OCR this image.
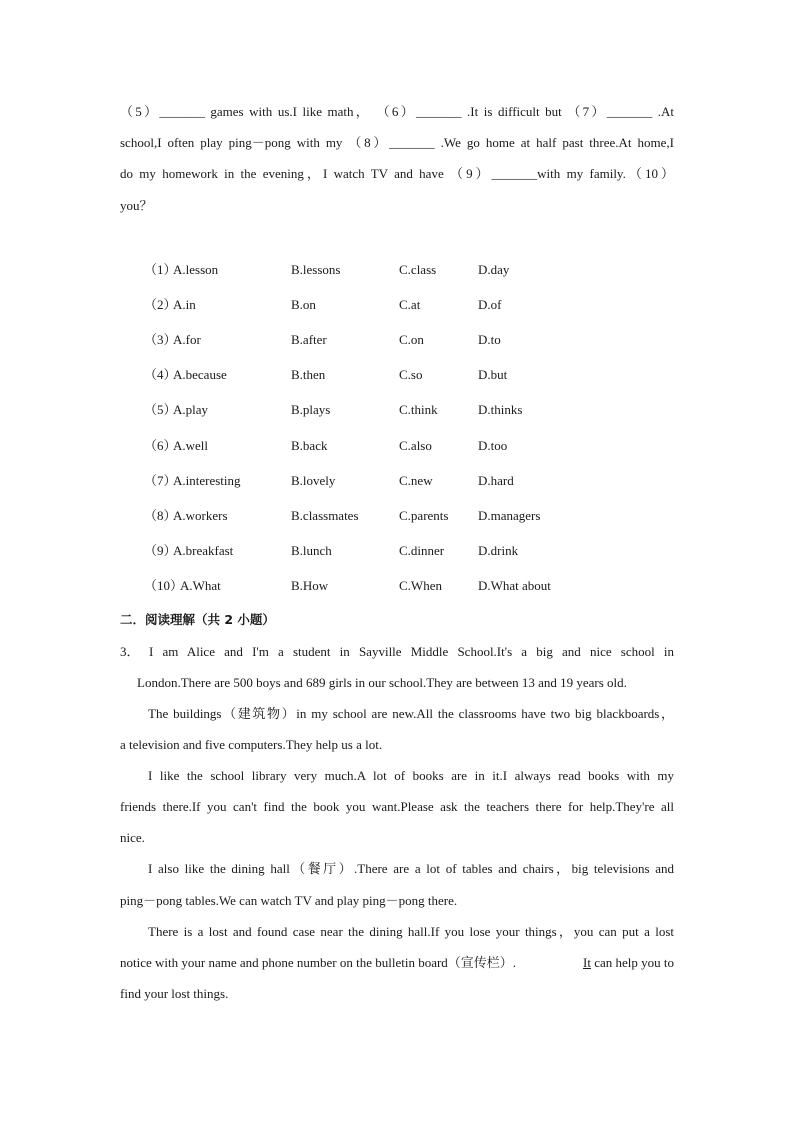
（5）_______ games with us.I like math， （6）_______ .It is difficult but （7）_______ .At
school,I often play ping－pong with my （8）_______ .We go home at half past three.At home,I
do my homework in the evening，I watch TV and have （9）_______with my family.（10）
you？
（1）
A.lesson	B.lessons	C.class	D.day
（2）
A.in	B.on	C.at	D.of
（3）
A.for	B.after	C.on	D.to
（4）
A.because	B.then	C.so	D.but
（5）
A.play	B.plays	C.think	D.thinks
（6）
A.well	B.back	C.also	D.too
（7）
A.interesting	B.lovely	C.new	D.hard
（8）
A.workers	B.classmates	C.parents D.managers
（9）
A.breakfast	B.lunch	C.dinner	D.drink
（10）
A.What	B.How	C.When	D.What about
二．阅读理解（共 2 小题）
3． I am Alice and I'm a student in Sayville Middle School.It's a big and nice school in
London.There are 500 boys and 689 girls in our school.They are between 13 and 19 years old.
The buildings（建筑物）in my school are new.All the classrooms have two big blackboards，
a television and five computers.They help us a lot.
I like the school library very much.A lot of books are in it.I always read books with my
friends there.If you can't find the book you want.Please ask the teachers there for help.They're all
nice.
I also like the dining hall（餐厅）.There are a lot of tables and chairs，big televisions and
ping－pong tables.We can watch TV and play ping－pong there.
There is a lost and found case near the dining hall.If you lose your things，you can put a lost
notice with your name and phone number on the bulletin board（宣传栏）.	It can help you to
find your lost things.
